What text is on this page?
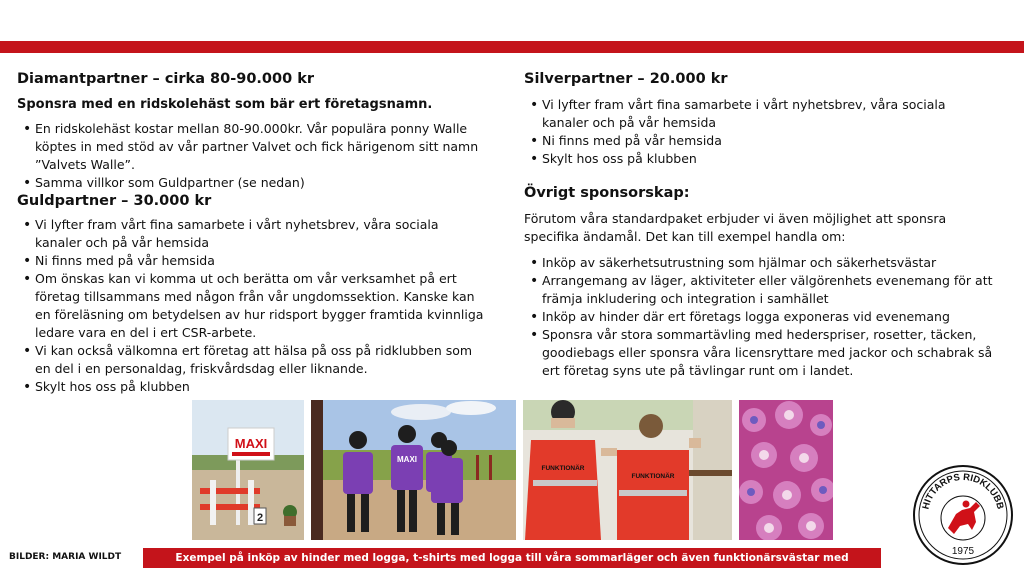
Diamantpartner – cirka 80-90.000 kr
Sponsra med en ridskolehäst som bär ert företagsnamn.
• En ridskolehäst kostar mellan 80-90.000kr. Vår populära ponny Walle köptes in med stöd av vår partner Valvet och fick härigenom sitt namn ”Valvets Walle”.
• Samma villkor som Guldpartner (se nedan)
Guldpartner – 30.000 kr
• Vi lyfter fram vårt fina samarbete i vårt nyhetsbrev, våra sociala kanaler och på vår hemsida
• Ni finns med på vår hemsida
• Om önskas kan vi komma ut och berätta om vår verksamhet på ert företag tillsammans med någon från vår ungdomssektion. Kanske kan en föreläsning om betydelsen av hur ridsport bygger framtida kvinnliga ledare vara en del i ert CSR-arbete.
• Vi kan också välkomna ert företag att hälsa på oss på ridklubben som en del i en personaldag, friskvårdsdag eller liknande.
• Skylt hos oss på klubben
Silverpartner – 20.000 kr
• Vi lyfter fram vårt fina samarbete i vårt nyhetsbrev, våra sociala kanaler och på vår hemsida
• Ni finns med på vår hemsida
• Skylt hos oss på klubben
Övrigt sponsorskap:

Förutom våra standardpaket erbjuder vi även möjlighet att sponsra specifika ändamål. Det kan till exempel handla om:

• Inköp av säkerhetsutrustning som hjälmar och säkerhetsvästar
• Arrangemang av läger, aktiviteter eller välgörenhets evenemang för att främja inkludering och integration i samhället
• Inköp av hinder där ert företags logga exponeras vid evenemang
• Sponsra vår stora sommartävling med hederspriser, rosetter, täcken, goodiebags eller sponsra våra licensryttare med jackor och schabrak så ert företag syns ute på tävlingar runt om i landet.
MAXI
2
MAXI
FUNKTIONÄR
FUNKTIONÄR
BILDER: MARIA WILDT	Exempel på inköp av hinder med logga, t-shirts med logga till våra sommarläger och även funktionärsvästar med företagslogotyp på!
HITTARPS RIDKLUBB
1975
